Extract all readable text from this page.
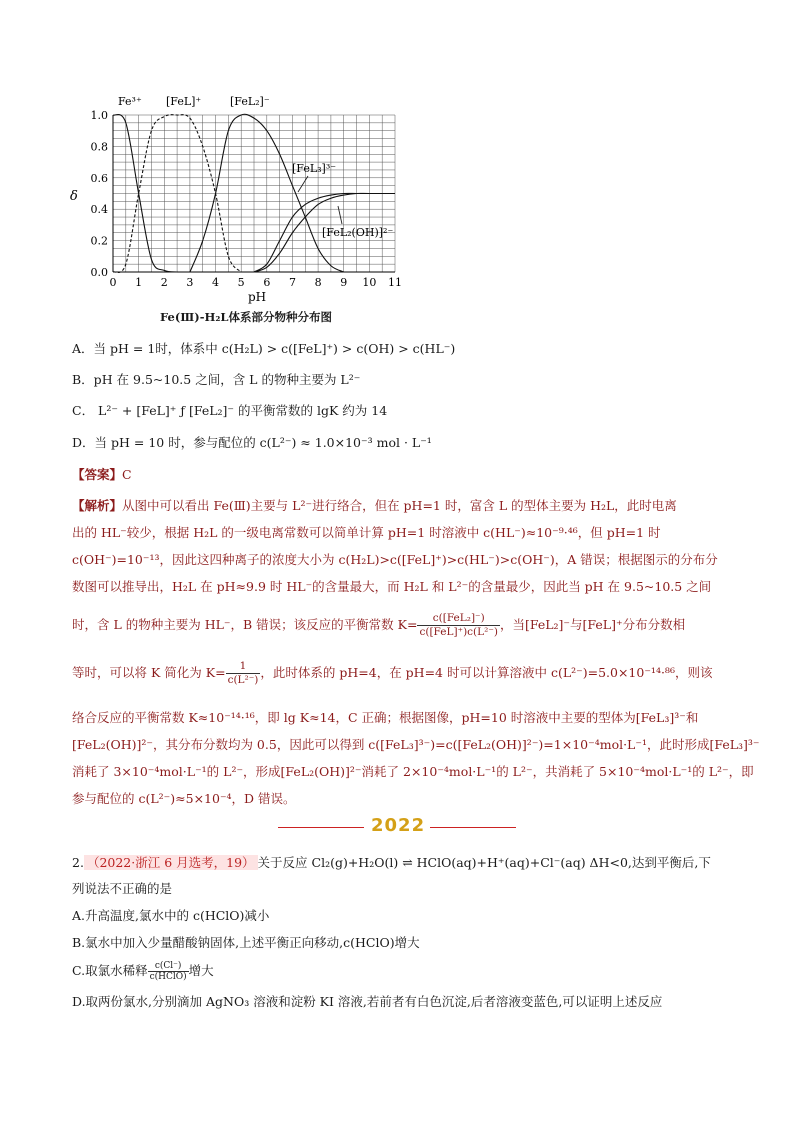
0 1 2 3 4 5 6 7 8 9 10 11
0.0
0.2
0.4
0.6
0.8
1.0
δ
pH
Fe³⁺ [FeL]⁺	[FeL₂]⁻
[FeL₃]³⁻
[FeL₂(OH)]²⁻
Fe(Ⅲ)-H₂L体系部分物种分布图
A．当 pH = 1时，体系中 c(H₂L) > c([FeL]⁺) > c(OH) > c(HL⁻)
B．pH 在 9.5~10.5 之间，含 L 的物种主要为 L²⁻
C． L²⁻ + [FeL]⁺ ƒ [FeL₂]⁻ 的平衡常数的 lgK 约为 14
D．当 pH = 10 时，参与配位的 c(L²⁻) ≈ 1.0×10⁻³ mol · L⁻¹
【答案】C
【解析】从图中可以看出 Fe(Ⅲ)主要与 L²⁻进行络合，但在 pH=1 时，富含 L 的型体主要为 H₂L，此时电离
出的 HL⁻较少，根据 H₂L 的一级电离常数可以简单计算 pH=1 时溶液中 c(HL⁻)≈10⁻⁹·⁴⁶，但 pH=1 时
c(OH⁻)=10⁻¹³，因此这四种离子的浓度大小为 c(H₂L)>c([FeL]⁺)>c(HL⁻)>c(OH⁻)，A 错误；根据图示的分布分
数图可以推导出，H₂L 在 pH≈9.9 时 HL⁻的含量最大，而 H₂L 和 L²⁻的含量最少，因此当 pH 在 9.5~10.5 之间
时，含 L 的物种主要为 HL⁻，B 错误；该反应的平衡常数 $K= \frac{\text{c([FeL₂]⁻)}}{\text{c([FeL]⁺)c(L²⁻)}}$ ，当[FeL₂]⁻与[FeL]⁺分布分数相
等时，可以将 K 简化为 $K= \frac{1}{\text{c(L²⁻)}}$ ，此时体系的 pH=4，在 pH=4 时可以计算溶液中 c(L²⁻)=5.0×10⁻¹⁴·⁸⁶，则该
络合反应的平衡常数 K≈10⁻¹⁴·¹⁶，即 lg K≈14，C 正确；根据图像，pH=10 时溶液中主要的型体为[FeL₃]³⁻和
[FeL₂(OH)]²⁻，其分布分数均为 0.5，因此可以得到 c([FeL₃]³⁻)=c([FeL₂(OH)]²⁻)=1×10⁻⁴mol·L⁻¹，此时形成[FeL₃]³⁻
消耗了 3×10⁻⁴mol·L⁻¹的 L²⁻，形成[FeL₂(OH)]²⁻消耗了 2×10⁻⁴mol·L⁻¹的 L²⁻，共消耗了 5×10⁻⁴mol·L⁻¹的 L²⁻，即
参与配位的 c(L²⁻)≈5×10⁻⁴，D 错误。
2022
2. （2022·浙江 6 月选考，19） 关于反应 Cl₂(g)+H₂O(l) ⇌ HClO(aq)+H⁺(aq)+Cl⁻(aq) ΔH<0,达到平衡后,下
列说法不正确的是
A.升高温度,氯水中的 c(HClO)减小
B.氯水中加入少量醋酸钠固体,上述平衡正向移动,c(HClO)增大
C.取氯水稀释 $\frac{c(Cl^-)}{\text{c(HClO)}}$ 增大
D.取两份氯水,分别滴加 AgNO₃ 溶液和淀粉 KI 溶液,若前者有白色沉淀,后者溶液变蓝色,可以证明上述反应
